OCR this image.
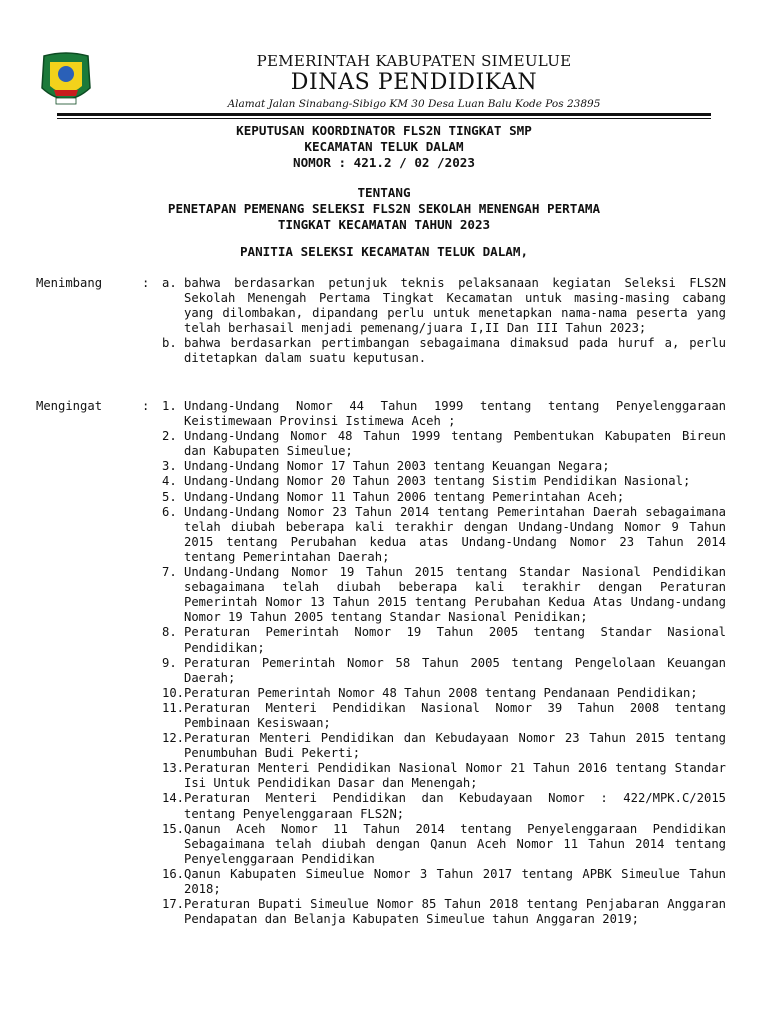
PEMERINTAH KABUPATEN SIMEULUE
DINAS PENDIDIKAN
Alamat Jalan Sinabang-Sibigo KM 30 Desa Luan Balu Kode Pos 23895
KEPUTUSAN KOORDINATOR FLS2N TINGKAT SMP
KECAMATAN TELUK DALAM
NOMOR : 421.2 / 02 /2023
TENTANG
PENETAPAN PEMENANG SELEKSI FLS2N SEKOLAH MENENGAH PERTAMA
TINGKAT KECAMATAN TAHUN 2023
PANITIA SELEKSI KECAMATAN TELUK DALAM,
Menimbang	:	a. bahwa berdasarkan petunjuk teknis pelaksanaan kegiatan Seleksi FLS2N Sekolah Menengah Pertama Tingkat Kecamatan untuk masing-masing cabang yang dilombakan, dipandang perlu untuk menetapkan nama-nama peserta yang telah berhasail menjadi pemenang/juara I,II Dan III Tahun 2023;
b. bahwa berdasarkan pertimbangan sebagaimana dimaksud pada huruf a, perlu ditetapkan dalam suatu keputusan.
Mengingat	:	1. Undang-Undang Nomor 44 Tahun 1999 tentang tentang Penyelenggaraan Keistimewaan Provinsi Istimewa Aceh ;
2. Undang-Undang Nomor 48 Tahun 1999 tentang Pembentukan Kabupaten Bireun dan Kabupaten Simeulue;
3. Undang-Undang Nomor 17 Tahun 2003 tentang Keuangan Negara;
4. Undang-Undang Nomor 20 Tahun 2003 tentang Sistim Pendidikan Nasional;
5. Undang-Undang Nomor 11 Tahun 2006 tentang Pemerintahan Aceh;
6. Undang-Undang Nomor 23 Tahun 2014 tentang Pemerintahan Daerah sebagaimana telah diubah beberapa kali terakhir dengan Undang-Undang Nomor 9 Tahun 2015 tentang Perubahan kedua atas Undang-Undang Nomor 23 Tahun 2014 tentang Pemerintahan Daerah;
7. Undang-Undang Nomor 19 Tahun 2015 tentang Standar Nasional Pendidikan sebagaimana telah diubah beberapa kali terakhir dengan Peraturan Pemerintah Nomor 13 Tahun 2015 tentang Perubahan Kedua Atas Undang-undang Nomor 19 Tahun 2005 tentang Standar Nasional Penidikan;
8. Peraturan Pemerintah Nomor 19 Tahun 2005 tentang Standar Nasional Pendidikan;
9. Peraturan Pemerintah Nomor 58 Tahun 2005 tentang Pengelolaan Keuangan Daerah;
10. Peraturan Pemerintah Nomor 48 Tahun 2008 tentang Pendanaan Pendidikan;
11. Peraturan Menteri Pendidikan Nasional Nomor 39 Tahun 2008 tentang Pembinaan Kesiswaan;
12. Peraturan Menteri Pendidikan dan Kebudayaan Nomor 23 Tahun 2015 tentang Penumbuhan Budi Pekerti;
13. Peraturan Menteri Pendidikan Nasional Nomor 21 Tahun 2016 tentang Standar Isi Untuk Pendidikan Dasar dan Menengah;
14. Peraturan Menteri Pendidikan dan Kebudayaan Nomor : 422/MPK.C/2015 tentang Penyelenggaraan FLS2N;
15. Qanun Aceh Nomor 11 Tahun 2014 tentang Penyelenggaraan Pendidikan Sebagaimana telah diubah dengan Qanun Aceh Nomor 11 Tahun 2014 tentang Penyelenggaraan Pendidikan
16. Qanun Kabupaten Simeulue Nomor 3 Tahun 2017 tentang APBK Simeulue Tahun 2018;
17. Peraturan Bupati Simeulue Nomor 85 Tahun 2018 tentang Penjabaran Anggaran Pendapatan dan Belanja Kabupaten Simeulue tahun Anggaran 2019;
